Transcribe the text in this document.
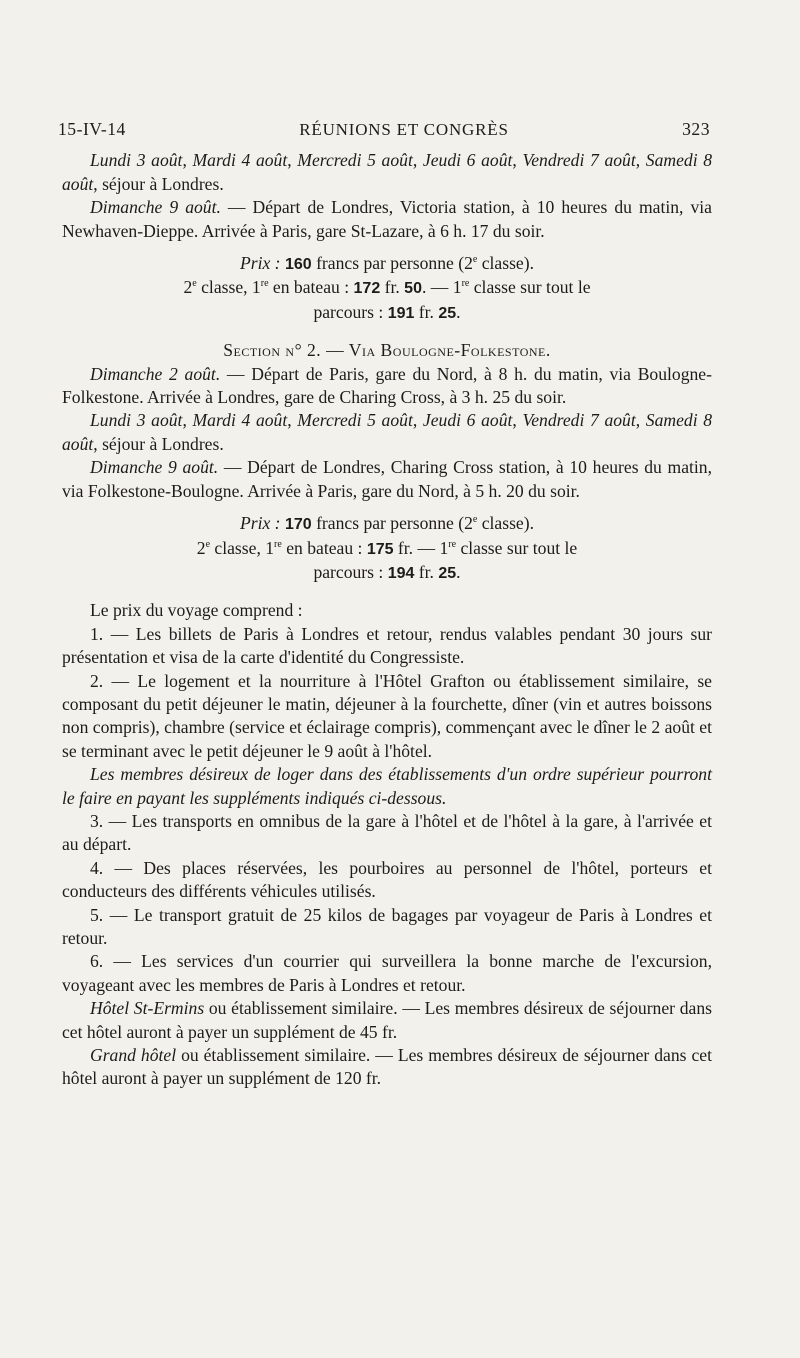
15-IV-14	RÉUNIONS ET CONGRÈS	323

Lundi 3 août, Mardi 4 août, Mercredi 5 août, Jeudi 6 août, Vendredi 7 août, Samedi 8 août, séjour à Londres.

Dimanche 9 août. — Départ de Londres, Victoria station, à 10 heures du matin, via Newhaven-Dieppe. Arrivée à Paris, gare St-Lazare, à 6 h. 17 du soir.

Prix : 160 francs par personne (2e classe).

2e classe, 1re en bateau : 172 fr. 50. — 1re classe sur tout le

parcours : 191 fr. 25.

Section n° 2. — Via Boulogne-Folkestone.

Dimanche 2 août. — Départ de Paris, gare du Nord, à 8 h. du matin, via Boulogne-Folkestone. Arrivée à Londres, gare de Charing Cross, à 3 h. 25 du soir.

Lundi 3 août, Mardi 4 août, Mercredi 5 août, Jeudi 6 août, Vendredi 7 août, Samedi 8 août, séjour à Londres.

Dimanche 9 août. — Départ de Londres, Charing Cross station, à 10 heures du matin, via Folkestone-Boulogne. Arrivée à Paris, gare du Nord, à 5 h. 20 du soir.

Prix : 170 francs par personne (2e classe).

2e classe, 1re en bateau : 175 fr. — 1re classe sur tout le

parcours : 194 fr. 25.

Le prix du voyage comprend :

1. — Les billets de Paris à Londres et retour, rendus valables pendant 30 jours sur présentation et visa de la carte d'identité du Congressiste.

2. — Le logement et la nourriture à l'Hôtel Grafton ou établissement similaire, se composant du petit déjeuner le matin, déjeuner à la fourchette, dîner (vin et autres boissons non compris), chambre (service et éclairage compris), commençant avec le dîner le 2 août et se terminant avec le petit déjeuner le 9 août à l'hôtel.

Les membres désireux de loger dans des établissements d'un ordre supérieur pourront le faire en payant les suppléments indiqués ci-dessous.

3. — Les transports en omnibus de la gare à l'hôtel et de l'hôtel à la gare, à l'arrivée et au départ.

4. — Des places réservées, les pourboires au personnel de l'hôtel, porteurs et conducteurs des différents véhicules utilisés.

5. — Le transport gratuit de 25 kilos de bagages par voyageur de Paris à Londres et retour.

6. — Les services d'un courrier qui surveillera la bonne marche de l'excursion, voyageant avec les membres de Paris à Londres et retour.

Hôtel St-Ermins ou établissement similaire. — Les membres désireux de séjourner dans cet hôtel auront à payer un supplément de 45 fr.

Grand hôtel ou établissement similaire. — Les membres désireux de séjourner dans cet hôtel auront à payer un supplément de 120 fr.
